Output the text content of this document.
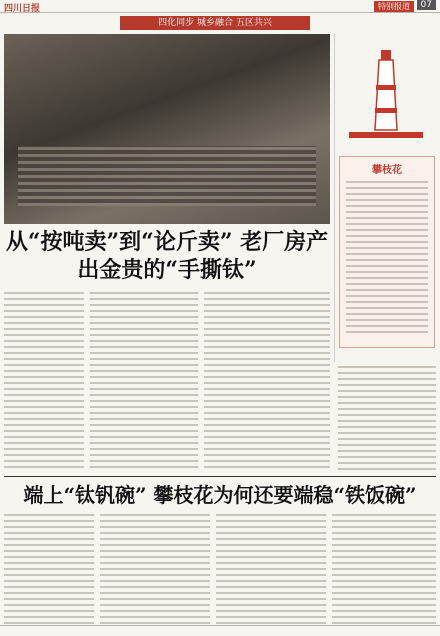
四川日报	特别报道	07
四化同步 城乡融合 五区共兴
攀枝花
从“按吨卖”到“论斤卖” 老厂房产出金贵的“手撕钛”
端上“钛钒碗” 攀枝花为何还要端稳“铁饭碗”
